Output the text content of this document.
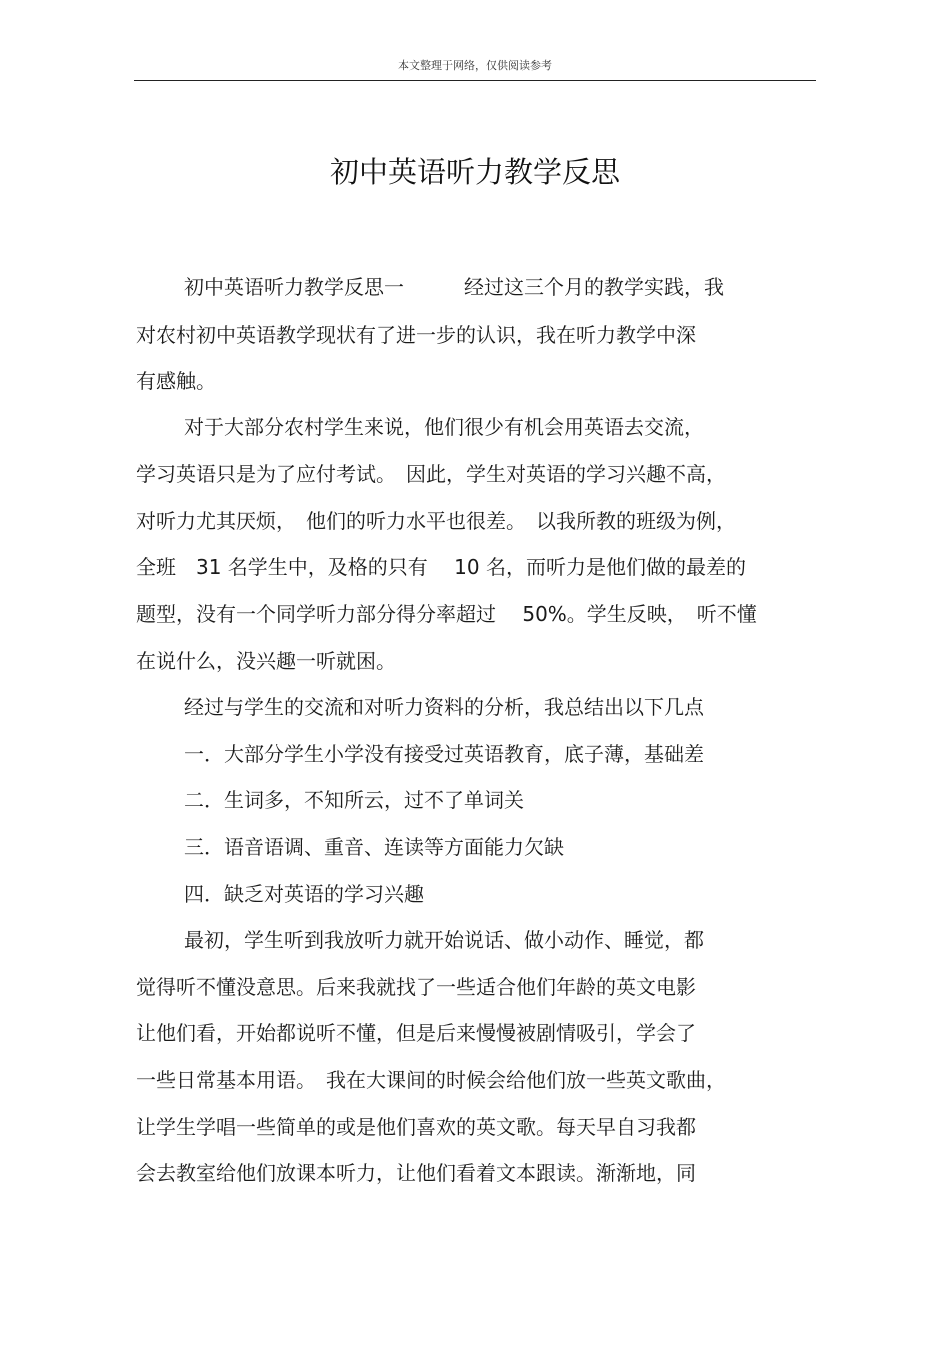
本文整理于网络，仅供阅读参考
初中英语听力教学反思
初中英语听力教学反思一　　　经过这三个月的教学实践，我
对农村初中英语教学现状有了进一步的认识，我在听力教学中深
有感触。
对于大部分农村学生来说，他们很少有机会用英语去交流，
学习英语只是为了应付考试。　因此，学生对英语的学习兴趣不高，
对听力尤其厌烦，　他们的听力水平也很差。　以我所教的班级为例，
全班　31 名学生中，及格的只有　 10 名，而听力是他们做的最差的
题型，没有一个同学听力部分得分率超过　 50%。学生反映，　听不懂
在说什么，没兴趣一听就困。
经过与学生的交流和对听力资料的分析，我总结出以下几点
一．大部分学生小学没有接受过英语教育，底子薄，基础差
二．生词多，不知所云，过不了单词关
三．语音语调、重音、连读等方面能力欠缺
四．缺乏对英语的学习兴趣
最初，学生听到我放听力就开始说话、做小动作、睡觉，都
觉得听不懂没意思。后来我就找了一些适合他们年龄的英文电影
让他们看，开始都说听不懂，但是后来慢慢被剧情吸引，学会了
一些日常基本用语。　我在大课间的时候会给他们放一些英文歌曲，
让学生学唱一些简单的或是他们喜欢的英文歌。每天早自习我都
会去教室给他们放课本听力，让他们看着文本跟读。渐渐地，同
